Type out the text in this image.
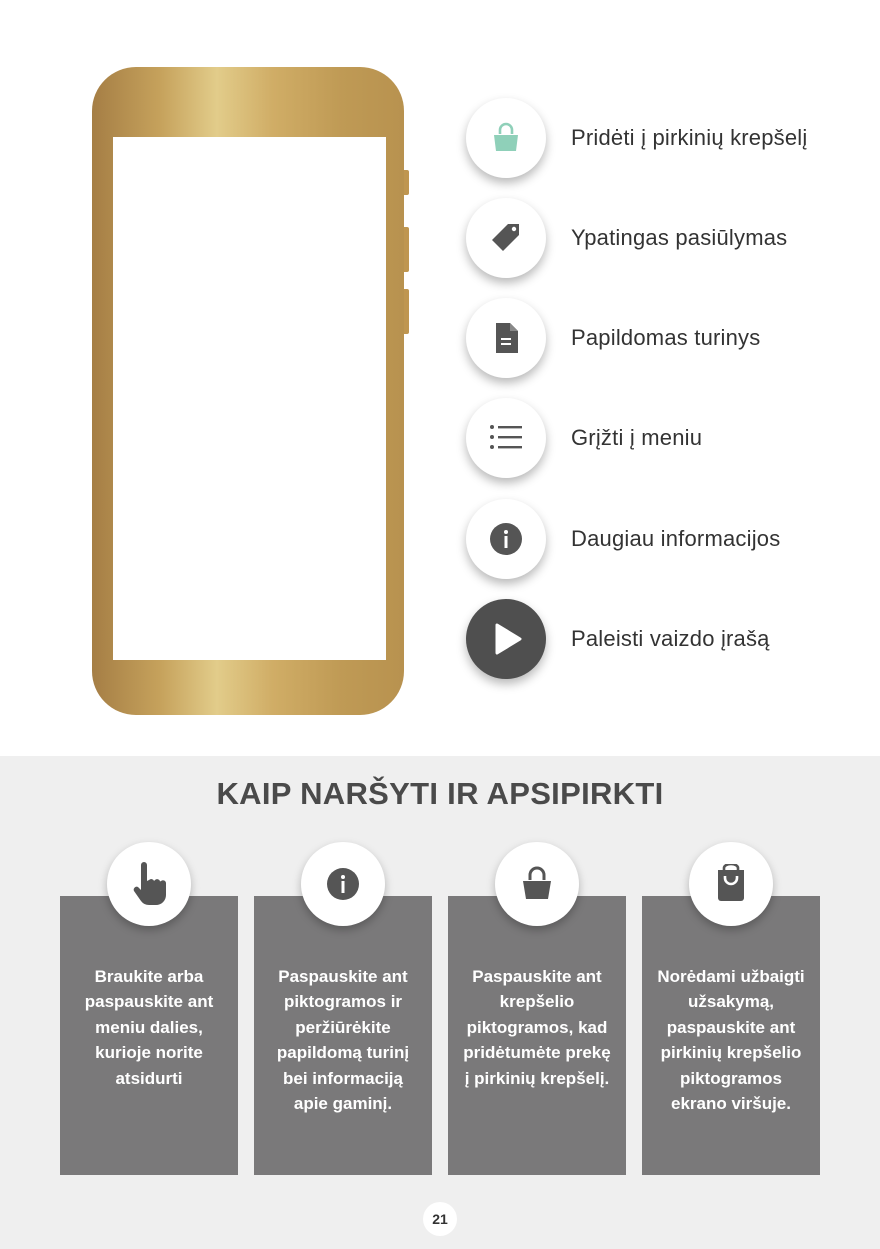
Pridėti į pirkinių krepšelį
Ypatingas pasiūlymas
Papildomas turinys
Grįžti į meniu
Daugiau informacijos
Paleisti vaizdo įrašą
KAIP NARŠYTI IR APSIPIRKTI
Braukite arba
paspauskite ant
meniu dalies,
kurioje norite
atsidurti
Paspauskite ant
piktogramos ir
peržiūrėkite
papildomą turinį
bei informaciją
apie gaminį.
Paspauskite ant
krepšelio
piktogramos, kad
pridėtumėte prekę
į pirkinių krepšelį.
Norėdami užbaigti
užsakymą,
paspauskite ant
pirkinių krepšelio
piktogramos
ekrano viršuje.
21
